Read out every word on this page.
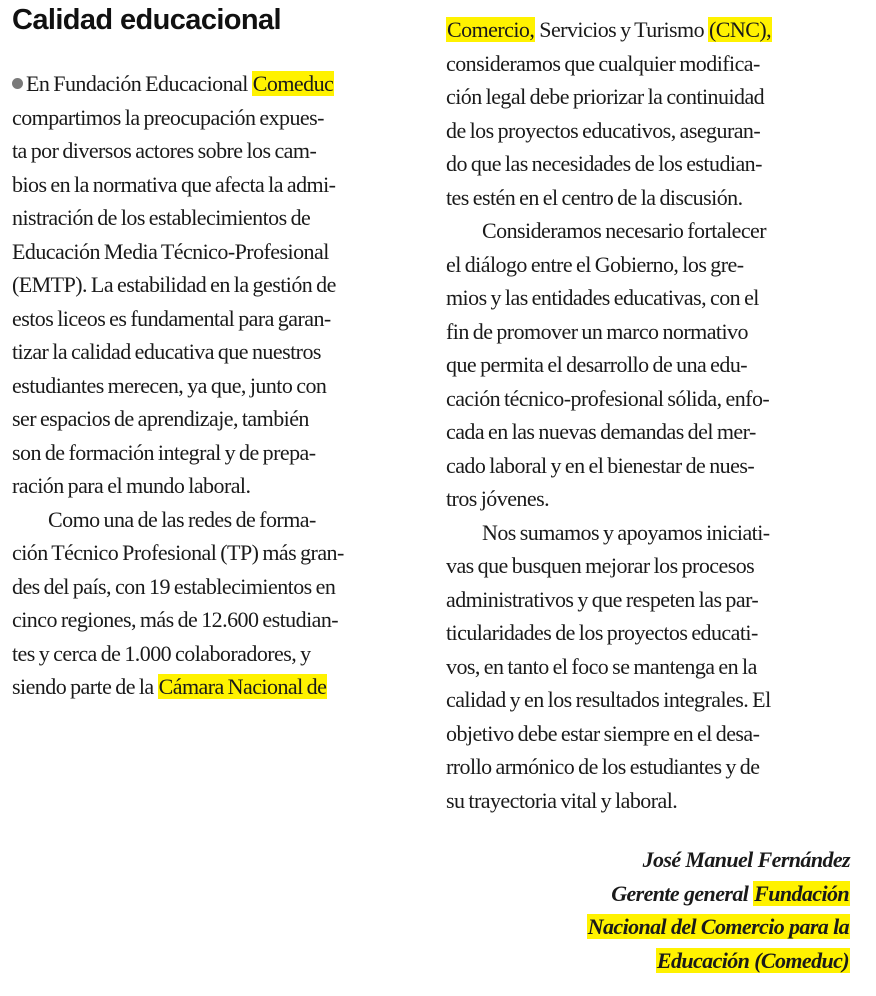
Calidad educacional
En Fundación Educacional Comeduc
compartimos la preocupación expues-
ta por diversos actores sobre los cam-
bios en la normativa que afecta la admi-
nistración de los establecimientos de
Educación Media Técnico-Profesional
(EMTP). La estabilidad en la gestión de
estos liceos es fundamental para garan-
tizar la calidad educativa que nuestros
estudiantes merecen, ya que, junto con
ser espacios de aprendizaje, también
son de formación integral y de prepa-
ración para el mundo laboral.
Como una de las redes de forma-
ción Técnico Profesional (TP) más gran-
des del país, con 19 establecimientos en
cinco regiones, más de 12.600 estudian-
tes y cerca de 1.000 colaboradores, y
siendo parte de la Cámara Nacional de
Comercio, Servicios y Turismo (CNC),
consideramos que cualquier modifica-
ción legal debe priorizar la continuidad
de los proyectos educativos, aseguran-
do que las necesidades de los estudian-
tes estén en el centro de la discusión.
Consideramos necesario fortalecer
el diálogo entre el Gobierno, los gre-
mios y las entidades educativas, con el
fin de promover un marco normativo
que permita el desarrollo de una edu-
cación técnico-profesional sólida, enfo-
cada en las nuevas demandas del mer-
cado laboral y en el bienestar de nues-
tros jóvenes.
Nos sumamos y apoyamos iniciati-
vas que busquen mejorar los procesos
administrativos y que respeten las par-
ticularidades de los proyectos educati-
vos, en tanto el foco se mantenga en la
calidad y en los resultados integrales. El
objetivo debe estar siempre en el desa-
rrollo armónico de los estudiantes y de
su trayectoria vital y laboral.
José Manuel Fernández
Gerente general Fundación
Nacional del Comercio para la
Educación (Comeduc)
